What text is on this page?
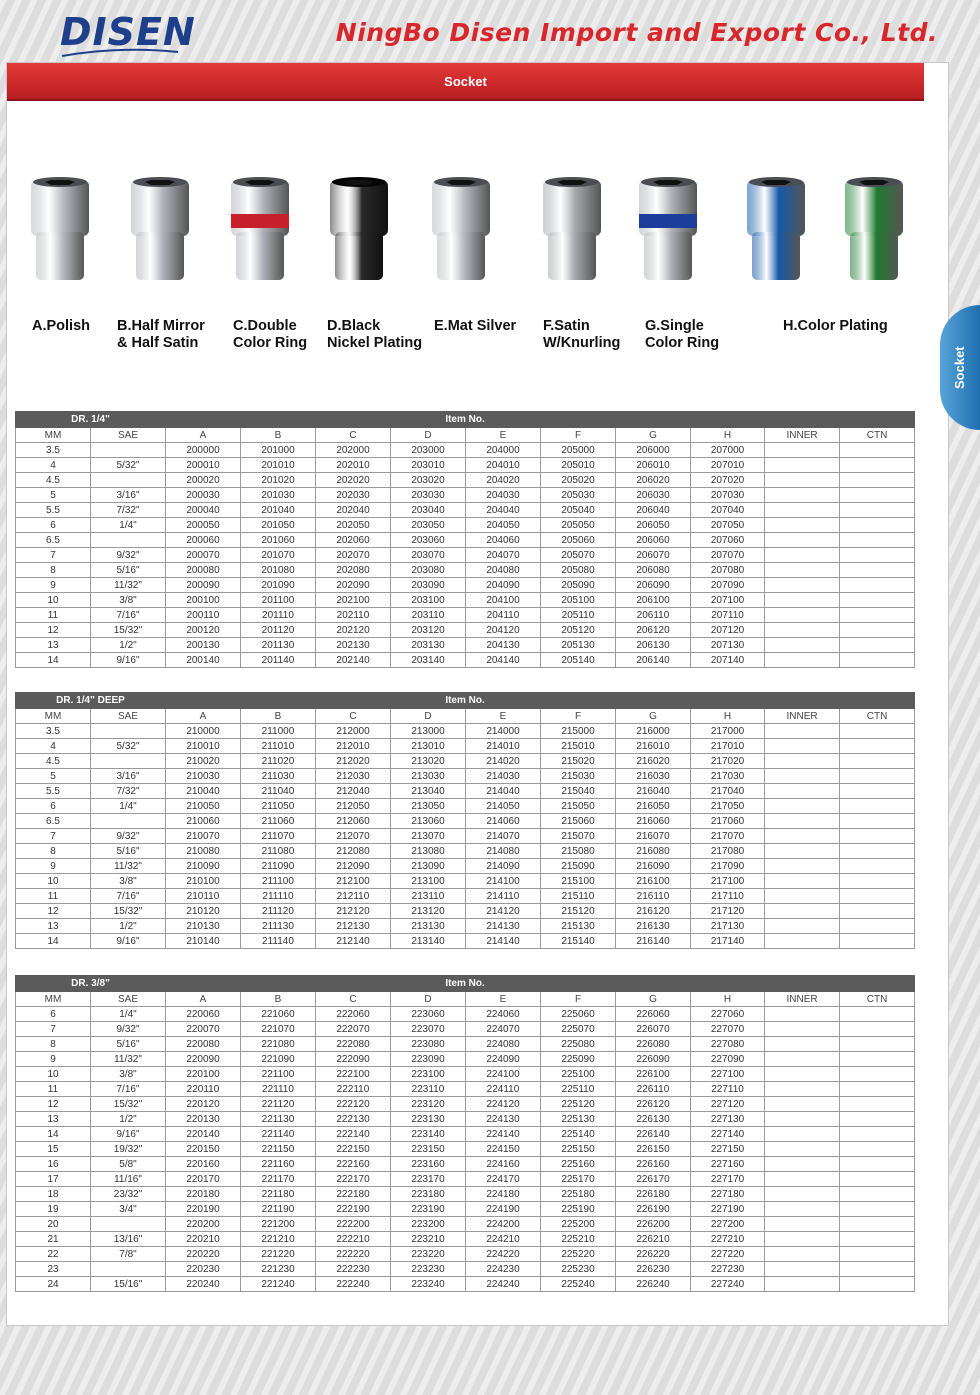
DISEN	NingBo Disen Import and Export Co., Ltd.
Socket
Socket
A.Polish B.Half Mirror
& Half Satin
C.Double
Color Ring
D.Black
Nickel Plating
E.Mat Silver F.Satin
W/Knurling
G.Single
Color Ring
H.Color Plating
DR. 1/4"		Item No.									
MM	SAE	A	B	C	D	E	F	G	H	INNER	CTN
3.5		200000	201000	202000	203000	204000	205000	206000	207000		
4	5/32"	200010	201010	202010	203010	204010	205010	206010	207010		
4.5		200020	201020	202020	203020	204020	205020	206020	207020		
5	3/16"	200030	201030	202030	203030	204030	205030	206030	207030		
5.5	7/32"	200040	201040	202040	203040	204040	205040	206040	207040		
6	1/4"	200050	201050	202050	203050	204050	205050	206050	207050		
6.5		200060	201060	202060	203060	204060	205060	206060	207060		
7	9/32"	200070	201070	202070	203070	204070	205070	206070	207070		
8	5/16"	200080	201080	202080	203080	204080	205080	206080	207080		
9	11/32"	200090	201090	202090	203090	204090	205090	206090	207090		
10	3/8"	200100	201100	202100	203100	204100	205100	206100	207100		
11	7/16"	200110	201110	202110	203110	204110	205110	206110	207110		
12	15/32"	200120	201120	202120	203120	204120	205120	206120	207120		
13	1/2"	200130	201130	202130	203130	204130	205130	206130	207130		
14	9/16"	200140	201140	202140	203140	204140	205140	206140	207140		
DR. 1/4" DEEP		Item No.									
MM	SAE	A	B	C	D	E	F	G	H	INNER	CTN
3.5		210000	211000	212000	213000	214000	215000	216000	217000		
4	5/32"	210010	211010	212010	213010	214010	215010	216010	217010		
4.5		210020	211020	212020	213020	214020	215020	216020	217020		
5	3/16"	210030	211030	212030	213030	214030	215030	216030	217030		
5.5	7/32"	210040	211040	212040	213040	214040	215040	216040	217040		
6	1/4"	210050	211050	212050	213050	214050	215050	216050	217050		
6.5		210060	211060	212060	213060	214060	215060	216060	217060		
7	9/32"	210070	211070	212070	213070	214070	215070	216070	217070		
8	5/16"	210080	211080	212080	213080	214080	215080	216080	217080		
9	11/32"	210090	211090	212090	213090	214090	215090	216090	217090		
10	3/8"	210100	211100	212100	213100	214100	215100	216100	217100		
11	7/16"	210110	211110	212110	213110	214110	215110	216110	217110		
12	15/32"	210120	211120	212120	213120	214120	215120	216120	217120		
13	1/2"	210130	211130	212130	213130	214130	215130	216130	217130		
14	9/16"	210140	211140	212140	213140	214140	215140	216140	217140		
DR. 3/8"		Item No.									
MM	SAE	A	B	C	D	E	F	G	H	INNER	CTN
6	1/4"	220060	221060	222060	223060	224060	225060	226060	227060		
7	9/32"	220070	221070	222070	223070	224070	225070	226070	227070		
8	5/16"	220080	221080	222080	223080	224080	225080	226080	227080		
9	11/32"	220090	221090	222090	223090	224090	225090	226090	227090		
10	3/8"	220100	221100	222100	223100	224100	225100	226100	227100		
11	7/16"	220110	221110	222110	223110	224110	225110	226110	227110		
12	15/32"	220120	221120	222120	223120	224120	225120	226120	227120		
13	1/2"	220130	221130	222130	223130	224130	225130	226130	227130		
14	9/16"	220140	221140	222140	223140	224140	225140	226140	227140		
15	19/32"	220150	221150	222150	223150	224150	225150	226150	227150		
16	5/8"	220160	221160	222160	223160	224160	225160	226160	227160		
17	11/16"	220170	221170	222170	223170	224170	225170	226170	227170		
18	23/32"	220180	221180	222180	223180	224180	225180	226180	227180		
19	3/4"	220190	221190	222190	223190	224190	225190	226190	227190		
20		220200	221200	222200	223200	224200	225200	226200	227200		
21	13/16"	220210	221210	222210	223210	224210	225210	226210	227210		
22	7/8"	220220	221220	222220	223220	224220	225220	226220	227220		
23		220230	221230	222230	223230	224230	225230	226230	227230		
24	15/16"	220240	221240	222240	223240	224240	225240	226240	227240		
